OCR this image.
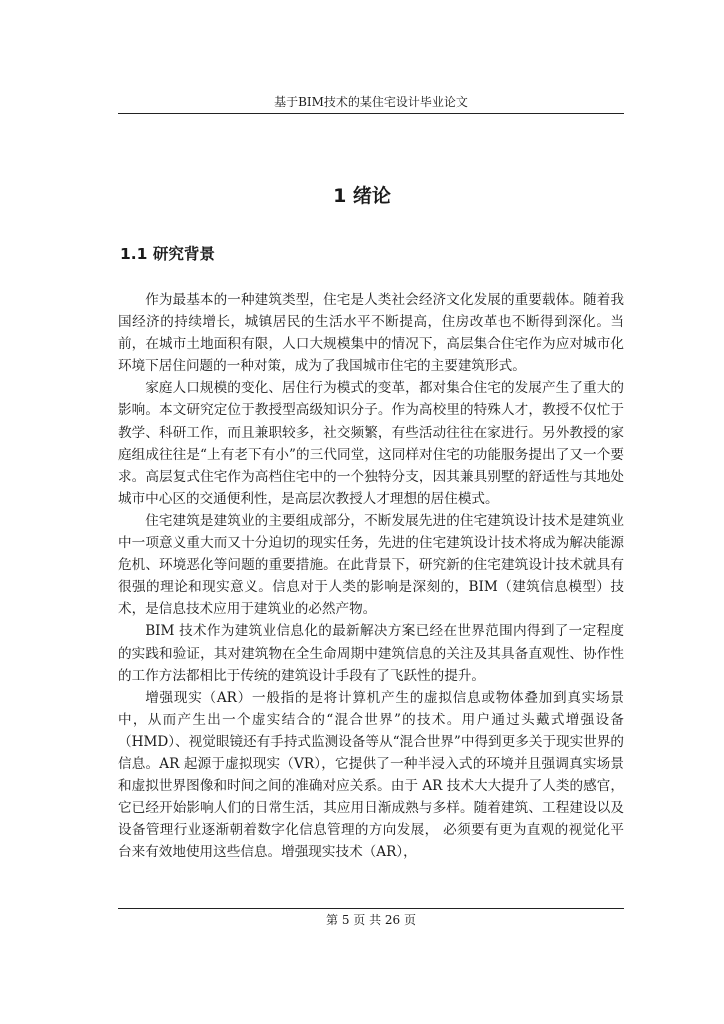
基于BIM技术的某住宅设计毕业论文
1 绪论
1.1 研究背景

作为最基本的一种建筑类型，住宅是人类社会经济文化发展的重要载体。随着我国经济的持续增长，城镇居民的生活水平不断提高，住房改革也不断得到深化。当前，在城市土地面积有限，人口大规模集中的情况下，高层集合住宅作为应对城市化环境下居住问题的一种对策，成为了我国城市住宅的主要建筑形式。

家庭人口规模的变化、居住行为模式的变革，都对集合住宅的发展产生了重大的影响。本文研究定位于教授型高级知识分子。作为高校里的特殊人才，教授不仅忙于教学、科研工作，而且兼职较多，社交频繁，有些活动往往在家进行。另外教授的家庭组成往往是“上有老下有小”的三代同堂，这同样对住宅的功能服务提出了又一个要求。高层复式住宅作为高档住宅中的一个独特分支，因其兼具别墅的舒适性与其地处城市中心区的交通便利性，是高层次教授人才理想的居住模式。

住宅建筑是建筑业的主要组成部分，不断发展先进的住宅建筑设计技术是建筑业中一项意义重大而又十分迫切的现实任务，先进的住宅建筑设计技术将成为解决能源危机、环境恶化等问题的重要措施。在此背景下，研究新的住宅建筑设计技术就具有很强的理论和现实意义。信息对于人类的影响是深刻的，BIM（建筑信息模型）技术，是信息技术应用于建筑业的必然产物。

BIM 技术作为建筑业信息化的最新解决方案已经在世界范围内得到了一定程度的实践和验证，其对建筑物在全生命周期中建筑信息的关注及其具备直观性、协作性的工作方法都相比于传统的建筑设计手段有了飞跃性的提升。

增强现实（AR）一般指的是将计算机产生的虚拟信息或物体叠加到真实场景中，从而产生出一个虚实结合的“混合世界”的技术。用户通过头戴式增强设备（HMD）、视觉眼镜还有手持式监测设备等从“混合世界”中得到更多关于现实世界的信息。AR 起源于虚拟现实（VR），它提供了一种半浸入式的环境并且强调真实场景和虚拟世界图像和时间之间的准确对应关系。由于 AR 技术大大提升了人类的感官，它已经开始影响人们的日常生活，其应用日渐成熟与多样。随着建筑、工程建设以及设备管理行业逐渐朝着数字化信息管理的方向发展， 必须要有更为直观的视觉化平台来有效地使用这些信息。增强现实技术（AR），

第 5 页 共 26 页
